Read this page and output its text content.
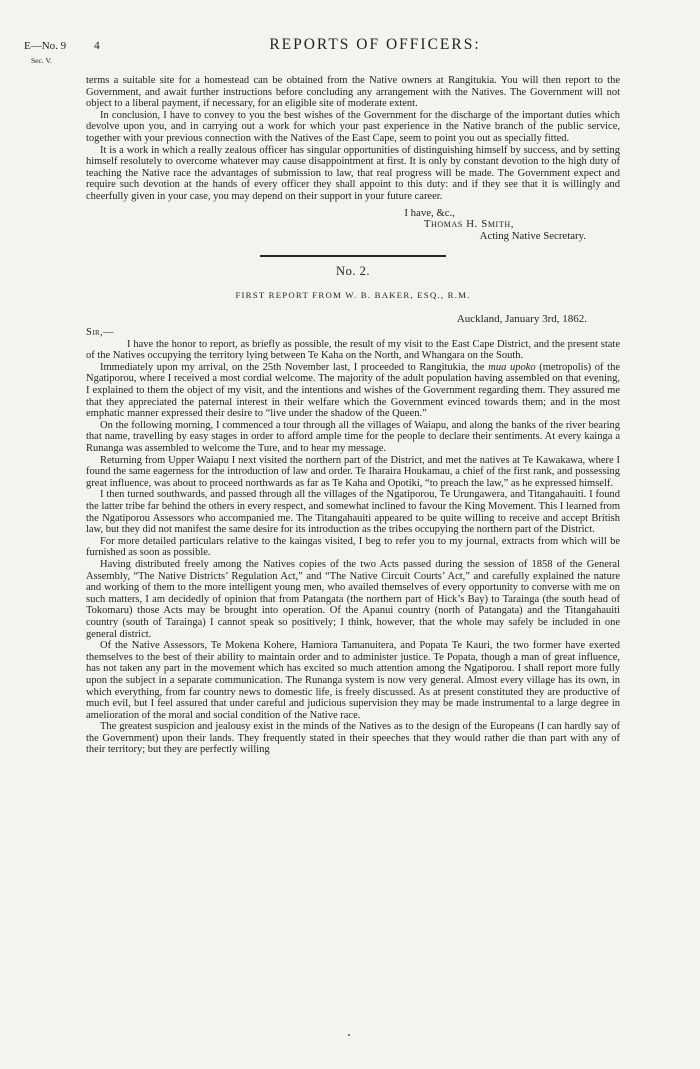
E—No. 9
Sec. V.
4	REPORTS OF OFFICERS:

terms a suitable site for a homestead can be obtained from the Native owners at Rangitukia. You will then report to the Government, and await further instructions before concluding any arrangement with the Natives. The Government will not object to a liberal payment, if necessary, for an eligible site of moderate extent.

In conclusion, I have to convey to you the best wishes of the Government for the discharge of the important duties which devolve upon you, and in carrying out a work for which your past experience in the Native branch of the public service, together with your previous connection with the Natives of the East Cape, seem to point you out as specially fitted.

It is a work in which a really zealous officer has singular opportunities of distinguishing himself by success, and by setting himself resolutely to overcome whatever may cause disappointment at first. It is only by constant devotion to the high duty of teaching the Native race the advantages of submission to law, that real progress will be made. The Government expect and require such devotion at the hands of every officer they shall appoint to this duty: and if they see that it is willingly and cheerfully given in your case, you may depend on their support in your future career.

I have, &c.,
Thomas H. Smith,
Acting Native Secretary.
No. 2.
FIRST REPORT FROM W. B. BAKER, ESQ., R.M.
Auckland, January 3rd, 1862.
Sir,—

I have the honor to report, as briefly as possible, the result of my visit to the East Cape District, and the present state of the Natives occupying the territory lying between Te Kaha on the North, and Whangara on the South.

Immediately upon my arrival, on the 25th November last, I proceeded to Rangitukia, the mua upoko (metropolis) of the Ngatiporou, where I received a most cordial welcome. The majority of the adult population having assembled on that evening, I explained to them the object of my visit, and the intentions and wishes of the Government regarding them. They assured me that they appreciated the paternal interest in their welfare which the Government evinced towards them; and in the most emphatic manner expressed their desire to “live under the shadow of the Queen.”

On the following morning, I commenced a tour through all the villages of Waiapu, and along the banks of the river bearing that name, travelling by easy stages in order to afford ample time for the people to declare their sentiments. At every kainga a Runanga was assembled to welcome the Ture, and to hear my message.

Returning from Upper Waiapu I next visited the northern part of the District, and met the natives at Te Kawakawa, where I found the same eagerness for the introduction of law and order. Te Iharaira Houkamau, a chief of the first rank, and possessing great influence, was about to proceed northwards as far as Te Kaha and Opotiki, “to preach the law,” as he expressed himself.

I then turned southwards, and passed through all the villages of the Ngatiporou, Te Urungawera, and Titangahauiti. I found the latter tribe far behind the others in every respect, and somewhat inclined to favour the King Movement. This I learned from the Ngatiporou Assessors who accompanied me. The Titangahauiti appeared to be quite willing to receive and accept British law, but they did not manifest the same desire for its introduction as the tribes occupying the northern part of the District.

For more detailed particulars relative to the kaingas visited, I beg to refer you to my journal, extracts from which will be furnished as soon as possible.

Having distributed freely among the Natives copies of the two Acts passed during the session of 1858 of the General Assembly, “The Native Districts’ Regulation Act,” and “The Native Circuit Courts’ Act,” and carefully explained the nature and working of them to the more intelligent young men, who availed themselves of every opportunity to converse with me on such matters, I am decidedly of opinion that from Patangata (the northern part of Hick’s Bay) to Tarainga (the south head of Tokomaru) those Acts may be brought into operation. Of the Apanui country (north of Patangata) and the Titangahauiti country (south of Tarainga) I cannot speak so positively; I think, however, that the whole may safely be included in one general district.

Of the Native Assessors, Te Mokena Kohere, Hamiora Tamanuitera, and Popata Te Kauri, the two former have exerted themselves to the best of their ability to maintain order and to administer justice. Te Popata, though a man of great influence, has not taken any part in the movement which has excited so much attention among the Ngatiporou. I shall report more fully upon the subject in a separate communication. The Runanga system is now very general. Almost every village has its own, in which everything, from far country news to domestic life, is freely discussed. As at present constituted they are productive of much evil, but I feel assured that under careful and judicious supervision they may be made instrumental to a large degree in amelioration of the moral and social condition of the Native race.

The greatest suspicion and jealousy exist in the minds of the Natives as to the design of the Europeans (I can hardly say of the Government) upon their lands. They frequently stated in their speeches that they would rather die than part with any of their territory; but they are perfectly willing
